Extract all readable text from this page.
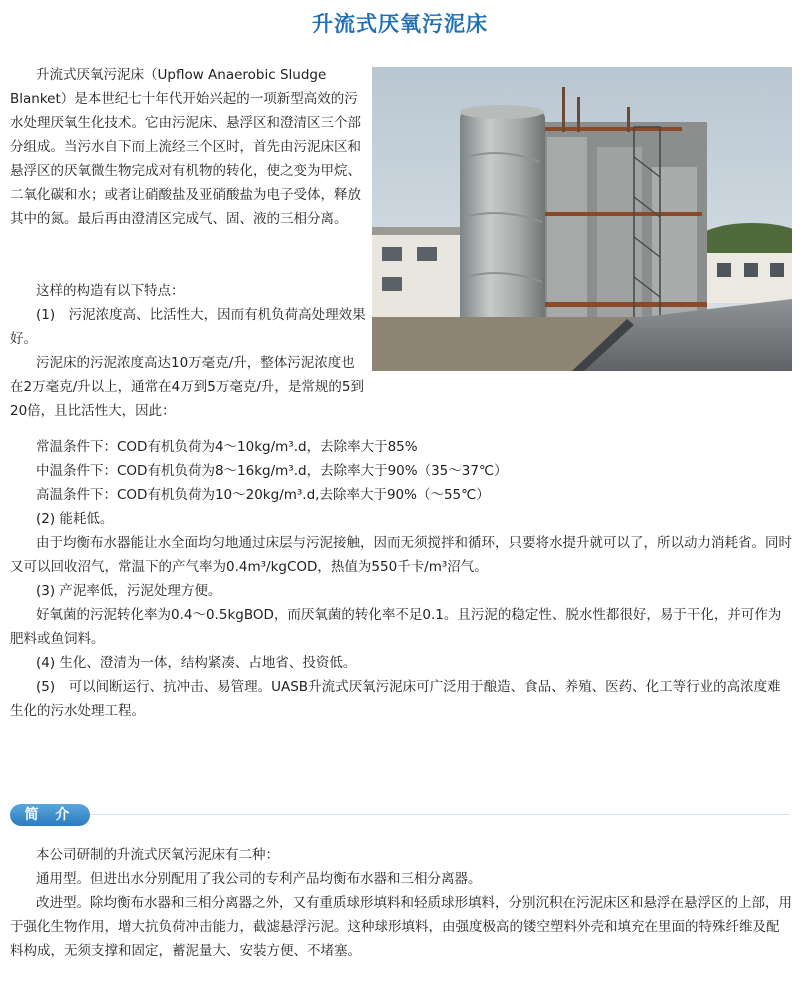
升流式厌氧污泥床

升流式厌氧污泥床（Upflow Anaerobic Sludge Blanket）是本世纪七十年代开始兴起的一项新型高效的污水处理厌氧生化技术。它由污泥床、悬浮区和澄清区三个部分组成。当污水自下而上流经三个区时，首先由污泥床区和悬浮区的厌氧微生物完成对有机物的转化，使之变为甲烷、二氧化碳和水；或者让硝酸盐及亚硝酸盐为电子受体，释放其中的氮。最后再由澄清区完成气、固、液的三相分离。

这样的构造有以下特点：
(1)　污泥浓度高、比活性大，因而有机负荷高处理效果好。
污泥床的污泥浓度高达10万毫克/升，整体污泥浓度也在2万毫克/升以上，通常在4万到5万毫克/升，是常规的5到20倍，且比活性大，因此：
常温条件下：COD有机负荷为4～10kg/m³.d，去除率大于85%
中温条件下：COD有机负荷为8～16kg/m³.d，去除率大于90%（35～37℃）
高温条件下：COD有机负荷为10～20kg/m³.d,去除率大于90%（～55℃）
(2) 能耗低。
由于均衡布水器能让水全面均匀地通过床层与污泥接触，因而无须搅拌和循环，只要将水提升就可以了，所以动力消耗省。同时又可以回收沼气，常温下的产气率为0.4m³/kgCOD，热值为550千卡/m³沼气。
(3) 产泥率低，污泥处理方便。
好氧菌的污泥转化率为0.4～0.5kgBOD，而厌氧菌的转化率不足0.1。且污泥的稳定性、脱水性都很好，易于干化，并可作为肥料或鱼饲料。
(4) 生化、澄清为一体，结构紧凑、占地省、投资低。
(5)　可以间断运行、抗冲击、易管理。UASB升流式厌氧污泥床可广泛用于酿造、食品、养殖、医药、化工等行业的高浓度难生化的污水处理工程。
简 介
本公司研制的升流式厌氧污泥床有二种：
通用型。但进出水分别配用了我公司的专利产品均衡布水器和三相分离器。
改进型。除均衡布水器和三相分离器之外，又有重质球形填料和轻质球形填料，分别沉积在污泥床区和悬浮在悬浮区的上部，用于强化生物作用，增大抗负荷冲击能力，截滤悬浮污泥。这种球形填料，由强度极高的镂空塑料外壳和填充在里面的特殊纤维及配料构成，无须支撑和固定，蓄泥量大、安装方便、不堵塞。
